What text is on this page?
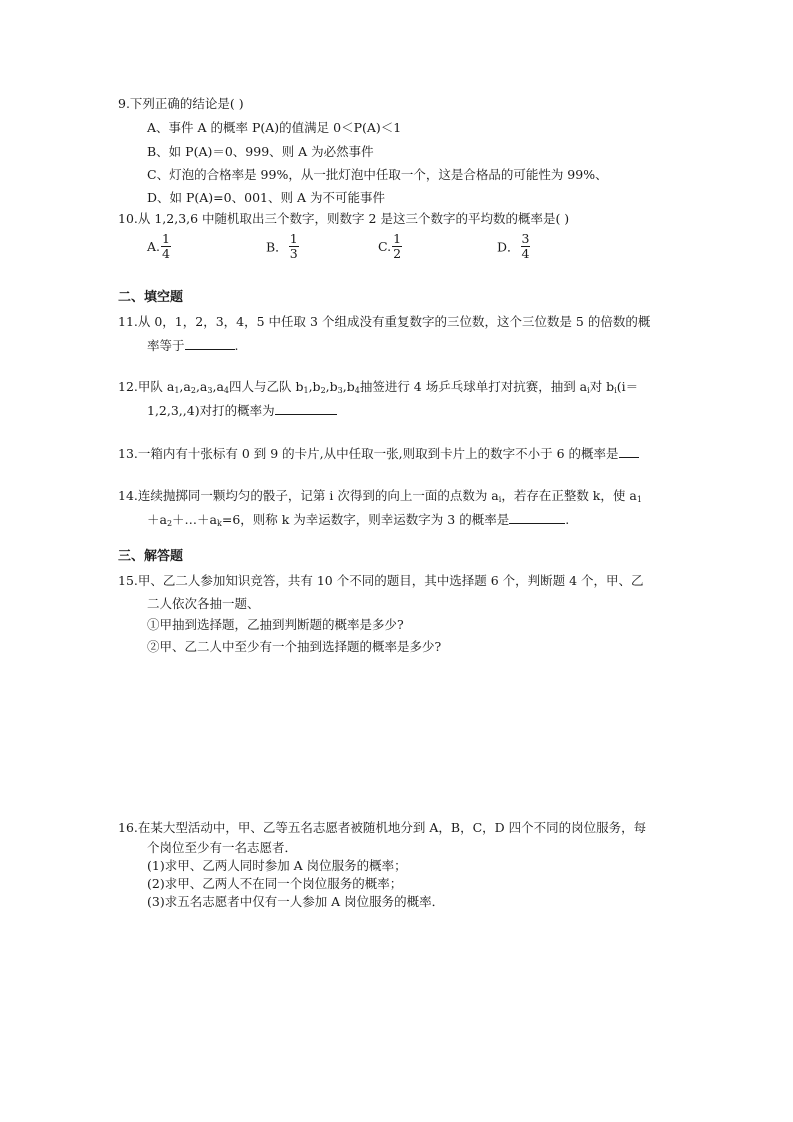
9.下列正确的结论是( )
A、事件 A 的概率 P(A)的值满足 0＜P(A)＜1
B、如 P(A)＝0、999、则 A 为必然事件
C、灯泡的合格率是 99%，从一批灯泡中任取一个，这是合格品的可能性为 99%、
D、如 P(A)=0、001、则 A 为不可能事件
10.从 1,2,3,6 中随机取出三个数字，则数字 2 是这三个数字的平均数的概率是( )
A. $\frac{1}{4}$	B． $\frac{1}{3}$	C. $\frac{1}{2}$	D． $\frac{3}{4}$
二、填空题
11.从 0，1，2，3，4，5 中任取 3 个组成没有重复数字的三位数，这个三位数是 5 的倍数的概
率等于	.
12.甲队 $a_1,a_2,a_3,a_4$四人与乙队 $b_1,b_2,b_3,b_4$抽签进行 4 场乒乓球单打对抗赛，抽到 $a_i$对 $b_i(i=$
1,2,3,,4)对打的概率为
13.一箱内有十张标有 0 到 9 的卡片,从中任取一张,则取到卡片上的数字不小于 6 的概率是
14.连续抛掷同一颗均匀的骰子，记第 i 次得到的向上一面的点数为 $a_i$，若存在正整数 k，使 $a_1$
$+a_2+\dots+a_k=6$，则称 k 为幸运数字，则幸运数字为 3 的概率是	.
三、解答题
15.甲、乙二人参加知识竞答，共有 10 个不同的题目，其中选择题 6 个，判断题 4 个，甲、乙
二人依次各抽一题、
①甲抽到选择题，乙抽到判断题的概率是多少?
②甲、乙二人中至少有一个抽到选择题的概率是多少?
16.在某大型活动中，甲、乙等五名志愿者被随机地分到 A，B，C，D 四个不同的岗位服务，每
个岗位至少有一名志愿者．
(1)求甲、乙两人同时参加 A 岗位服务的概率；
(2)求甲、乙两人不在同一个岗位服务的概率；
(3)求五名志愿者中仅有一人参加 A 岗位服务的概率．
